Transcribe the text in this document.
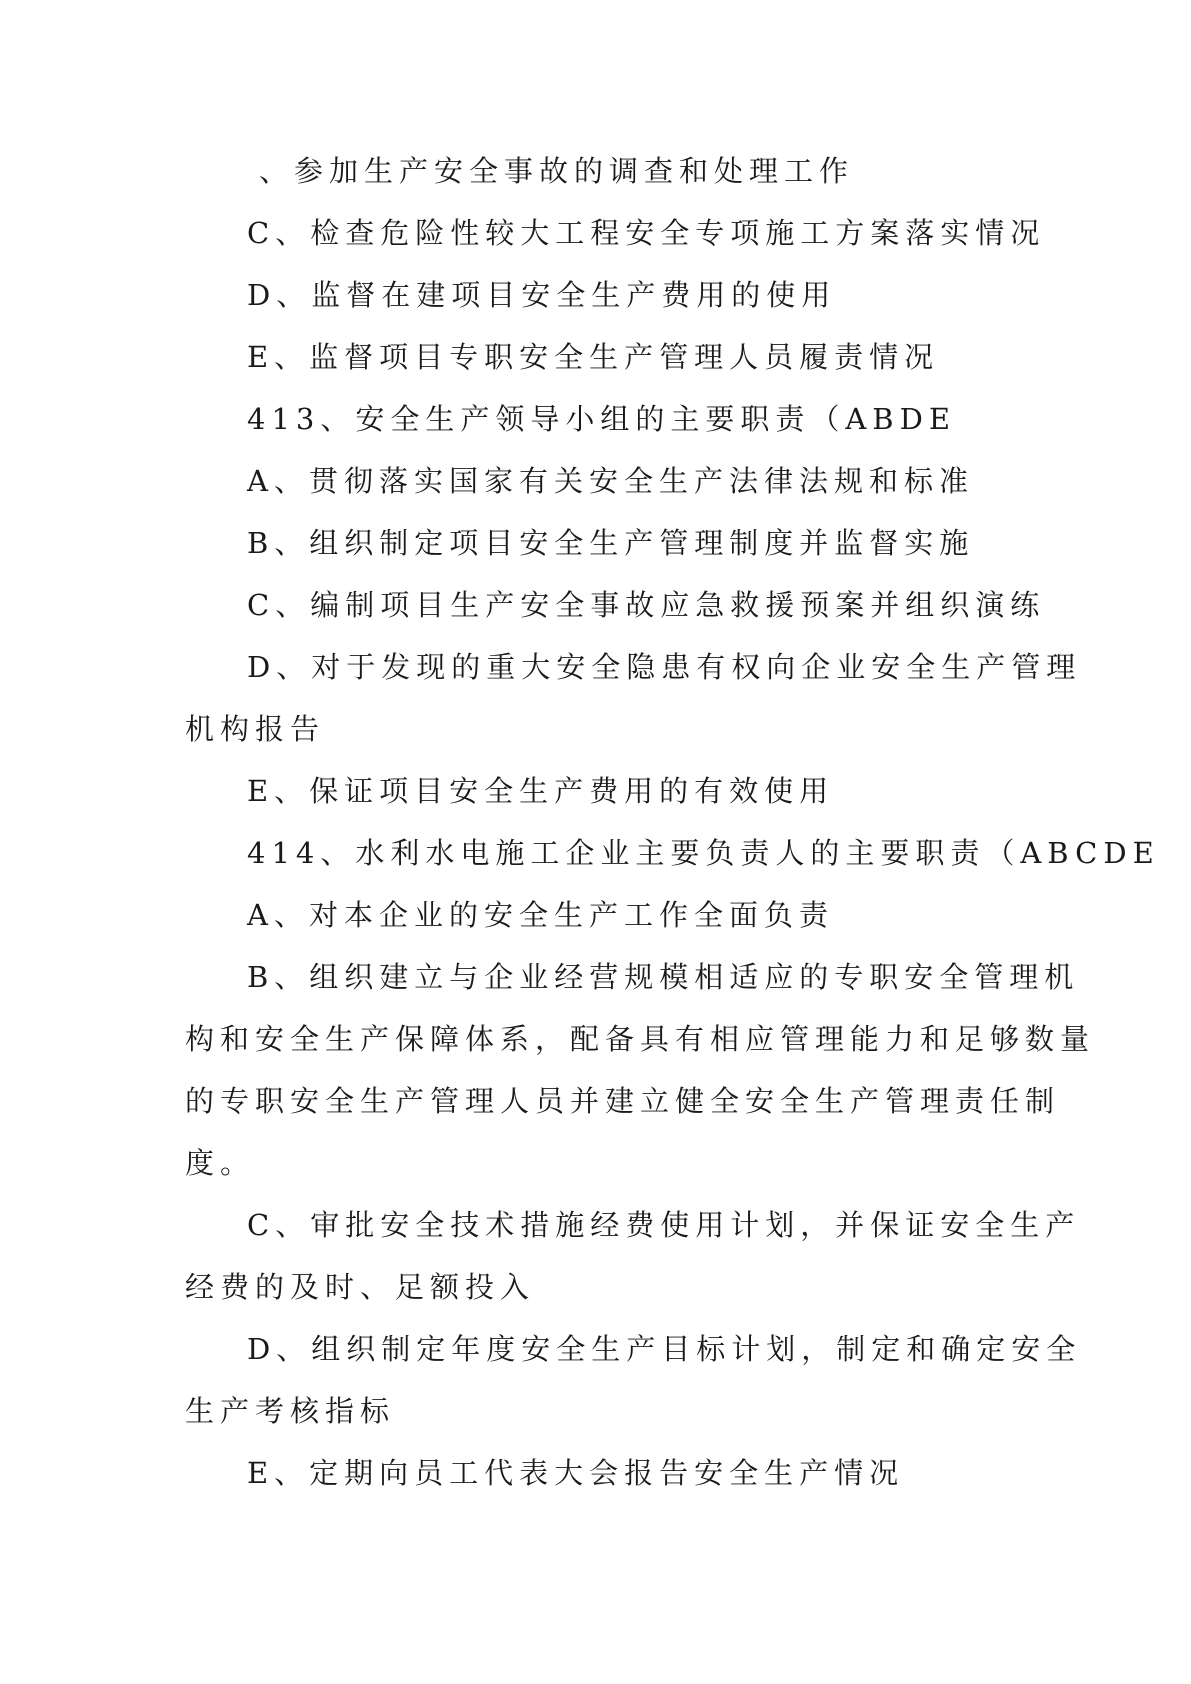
、参加生产安全事故的调查和处理工作
C、检查危险性较大工程安全专项施工方案落实情况
D、监督在建项目安全生产费用的使用
E、监督项目专职安全生产管理人员履责情况
413、安全生产领导小组的主要职责（ABDE
A、贯彻落实国家有关安全生产法律法规和标准
B、组织制定项目安全生产管理制度并监督实施
C、编制项目生产安全事故应急救援预案并组织演练
D、对于发现的重大安全隐患有权向企业安全生产管理
机构报告
E、保证项目安全生产费用的有效使用
414、水利水电施工企业主要负责人的主要职责（ABCDE
A、对本企业的安全生产工作全面负责
B、组织建立与企业经营规模相适应的专职安全管理机
构和安全生产保障体系，配备具有相应管理能力和足够数量
的专职安全生产管理人员并建立健全安全生产管理责任制
度。
C、审批安全技术措施经费使用计划，并保证安全生产
经费的及时、足额投入
D、组织制定年度安全生产目标计划，制定和确定安全
生产考核指标
E、定期向员工代表大会报告安全生产情况
